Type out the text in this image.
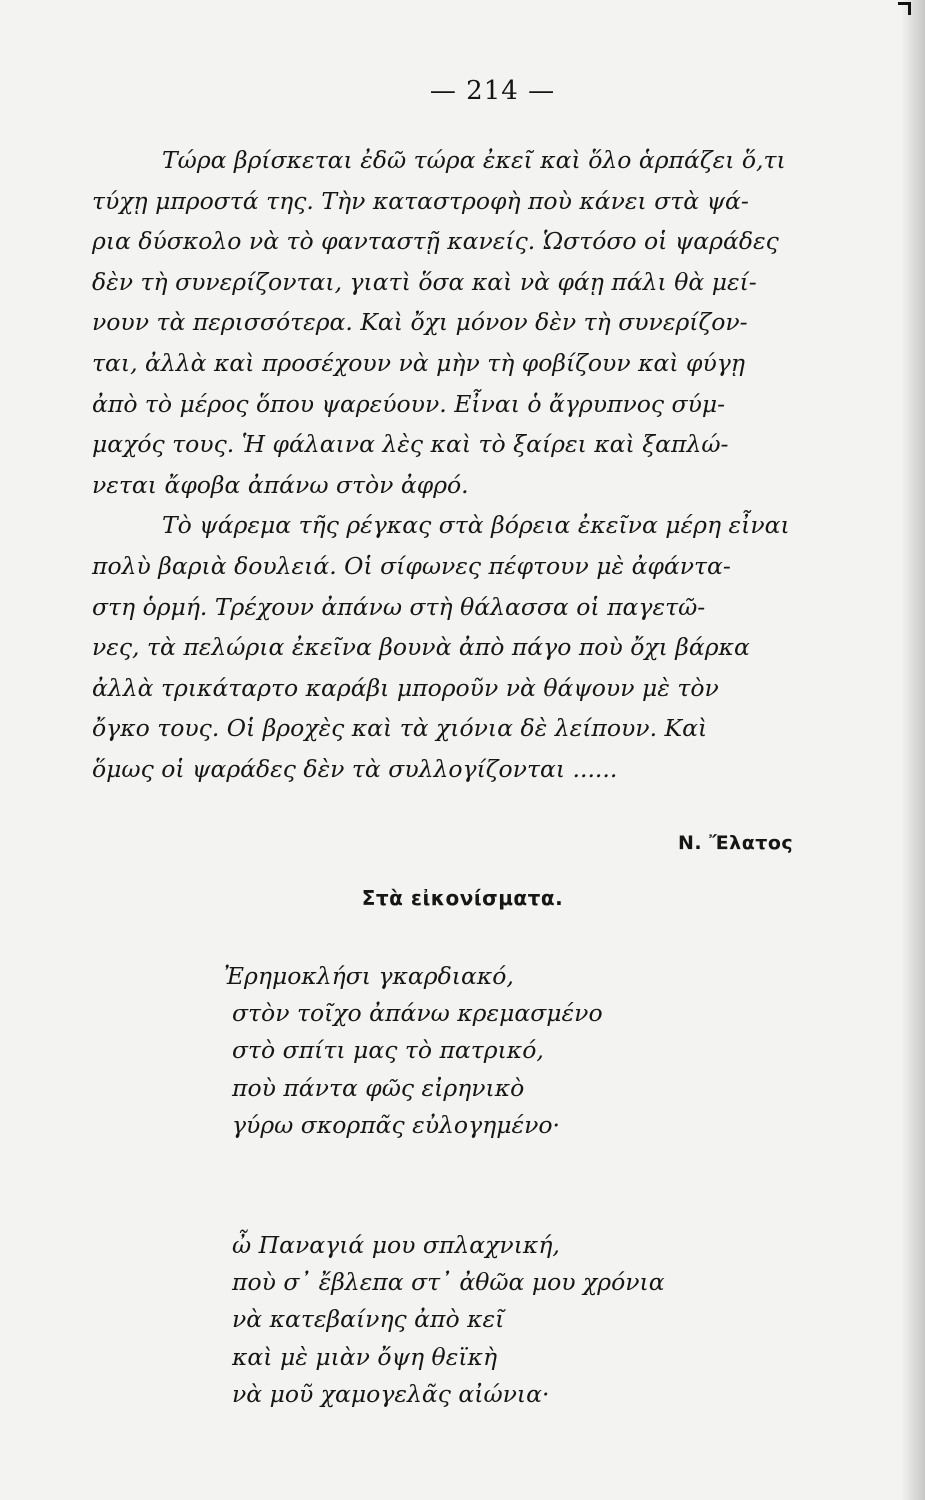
— 214 —

Τώρα βρίσκεται ἐδῶ τώρα ἐκεῖ καὶ ὅλο ἁρπάζει ὅ,τι
τύχῃ μπροστά της. Τὴν καταστροφὴ ποὺ κάνει στὰ ψά-
ρια δύσκολο νὰ τὸ φανταστῇ κανείς. Ὡστόσο οἱ ψαράδες
δὲν τὴ συνερίζονται, γιατὶ ὅσα καὶ νὰ φάῃ πάλι θὰ μεί-
νουν τὰ περισσότερα. Καὶ ὄχι μόνον δὲν τὴ συνερίζον-
ται, ἀλλὰ καὶ προσέχουν νὰ μὴν τὴ φοβίζουν καὶ φύγῃ
ἀπὸ τὸ μέρος ὅπου ψαρεύουν. Εἶναι ὁ ἄγρυπνος σύμ-
μαχός τους. Ἡ φάλαινα λὲς καὶ τὸ ξαίρει καὶ ξαπλώ-
νεται ἄφοβα ἀπάνω στὸν ἀφρό.

Τὸ ψάρεμα τῆς ρέγκας στὰ βόρεια ἐκεῖνα μέρη εἶναι
πολὺ βαριὰ δουλειά. Οἱ σίφωνες πέφτουν μὲ ἀφάντα-
στη ὁρμή. Τρέχουν ἀπάνω στὴ θάλασσα οἱ παγετῶ-
νες, τὰ πελώρια ἐκεῖνα βουνὰ ἀπὸ πάγο ποὺ ὄχι βάρκα
ἀλλὰ τρικάταρτο καράβι μποροῦν νὰ θάψουν μὲ τὸν
ὄγκο τους. Οἱ βροχὲς καὶ τὰ χιόνια δὲ λείπουν. Καὶ
ὅμως οἱ ψαράδες δὲν τὰ συλλογίζονται ......

Ν. Ἔλατος
Στὰ εἰκονίσματα.
Ἐρημοκλήσι γκαρδιακό,
στὸν τοῖχο ἀπάνω κρεμασμένο
στὸ σπίτι μας τὸ πατρικό,
ποὺ πάντα φῶς εἰρηνικὸ
γύρω σκορπᾶς εὐλογημένο·
ὦ Παναγιά μου σπλαχνική,
ποὺ σ᾽ ἔβλεπα στ᾽ ἀθῶα μου χρόνια
νὰ κατεβαίνης ἀπὸ κεῖ
καὶ μὲ μιὰν ὄψη θεϊκὴ
νὰ μοῦ χαμογελᾶς αἰώνια·
